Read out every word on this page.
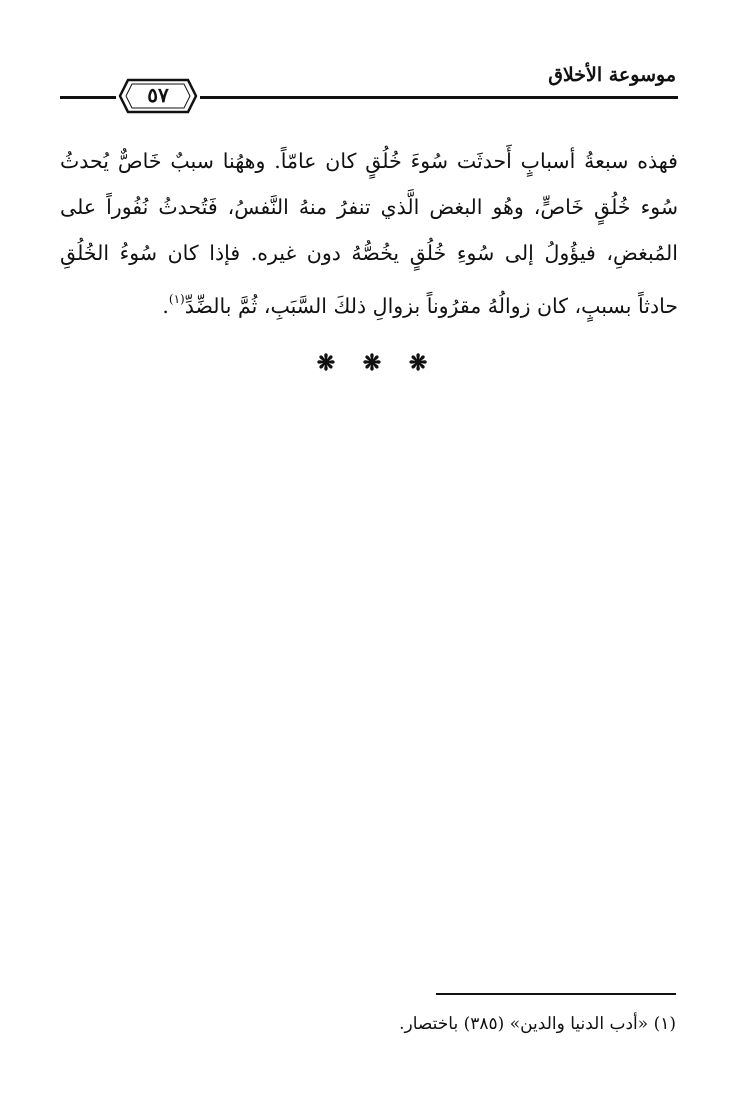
موسوعة الأخلاق
٥٧

فهذه سبعةُ أسبابٍ أَحدثَت سُوءَ خُلُقٍ كان عامّاً. وههُنا سببٌ خَاصٌّ يُحدثُ سُوء خُلُقٍ خَاصٍّ، وهُو البغض الَّذي تنفرُ منهُ النَّفسُ، فَتُحدثُ نُفُوراً على المُبغضِ، فيؤُولُ إلى سُوءِ خُلُقٍ يخُصُّهُ دون غيره. فإذا كان سُوءُ الخُلُقِ حادثاً بسببٍ، كان زوالُهُ مقرُوناً بزوالِ ذلكَ السَّبَبِ، ثُمَّ بالضِّدِّ$^{(١)}$.

❋ ❋ ❋
(١) «أدب الدنيا والدين» (٣٨٥) باختصار.
